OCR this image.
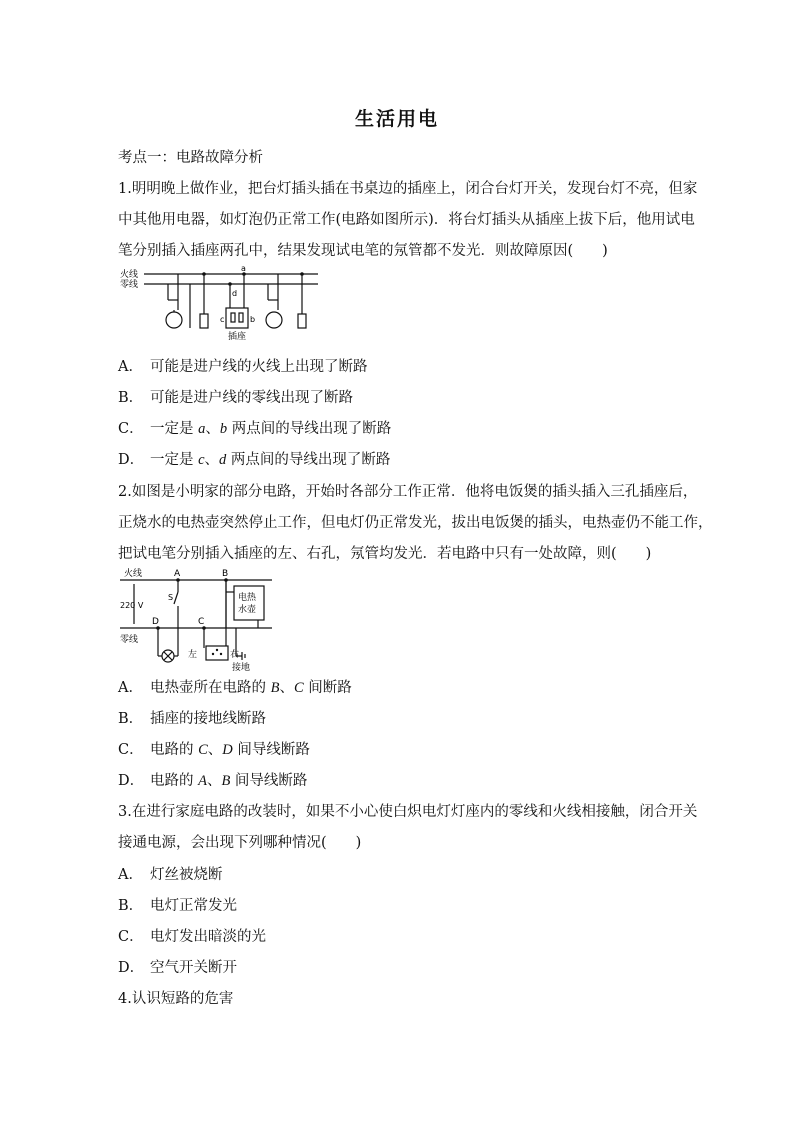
生活用电
考点一：电路故障分析
1.明明晚上做作业，把台灯插头插在书桌边的插座上，闭合台灯开关，发现台灯不亮，但家
中其他用电器，如灯泡仍正常工作(电路如图所示)．将台灯插头从插座上拔下后，他用试电
笔分别插入插座两孔中，结果发现试电笔的氖管都不发光．则故障原因(　　)
火线
零线
a
b
c
d
插座
A． 可能是进户线的火线上出现了断路
B． 可能是进户线的零线出现了断路
C． 一定是 a、b 两点间的导线出现了断路
D． 一定是 c、d 两点间的导线出现了断路
2.如图是小明家的部分电路，开始时各部分工作正常．他将电饭煲的插头插入三孔插座后，
正烧水的电热壶突然停止工作，但电灯仍正常发光，拔出电饭煲的插头，电热壶仍不能工作，
把试电笔分别插入插座的左、右孔，氖管均发光．若电路中只有一处故障，则(　　)
火线
零线
220 V
A	B
C
D
S	电热
水壶
左	右
接地
A． 电热壶所在电路的 B、C 间断路
B． 插座的接地线断路
C． 电路的 C、D 间导线断路
D． 电路的 A、B 间导线断路
3.在进行家庭电路的改装时，如果不小心使白炽电灯灯座内的零线和火线相接触，闭合开关
接通电源，会出现下列哪种情况(　　)
A． 灯丝被烧断
B． 电灯正常发光
C． 电灯发出暗淡的光
D． 空气开关断开
4.认识短路的危害
